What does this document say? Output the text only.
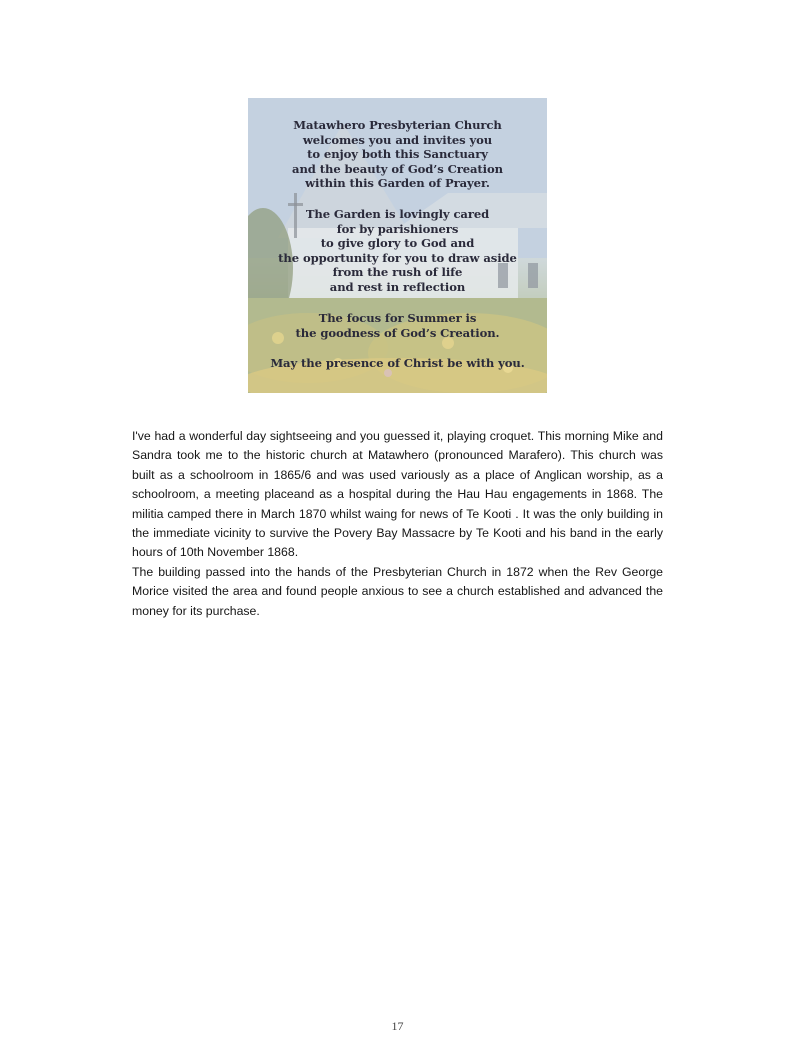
Matawhero Presbyterian Church
welcomes you and invites you
to enjoy both this Sanctuary
and the beauty of God’s Creation
within this Garden of Prayer.
The Garden is lovingly cared
for by parishioners
to give glory to God and
the opportunity for you to draw aside
from the rush of life
and rest in reflection
The focus for Summer is
the goodness of God’s Creation.
May the presence of Christ be with you.

I've had a wonderful day sightseeing and you guessed it, playing croquet. This morning Mike and Sandra took me to the historic church at Matawhero (pronounced Marafero). This church was built as a schoolroom in 1865/6 and was used variously as a place of Anglican worship, as a schoolroom, a meeting placeand as a hospital during the Hau Hau engagements in 1868. The militia camped there in March 1870 whilst waing for news of Te Kooti . It was the only building in the immediate vicinity to survive the Povery Bay Massacre by Te Kooti and his band in the early hours of 10th November 1868.

The building passed into the hands of the Presbyterian Church in 1872 when the Rev George Morice visited the area and found people anxious to see a church established and advanced the money for its purchase.

17
